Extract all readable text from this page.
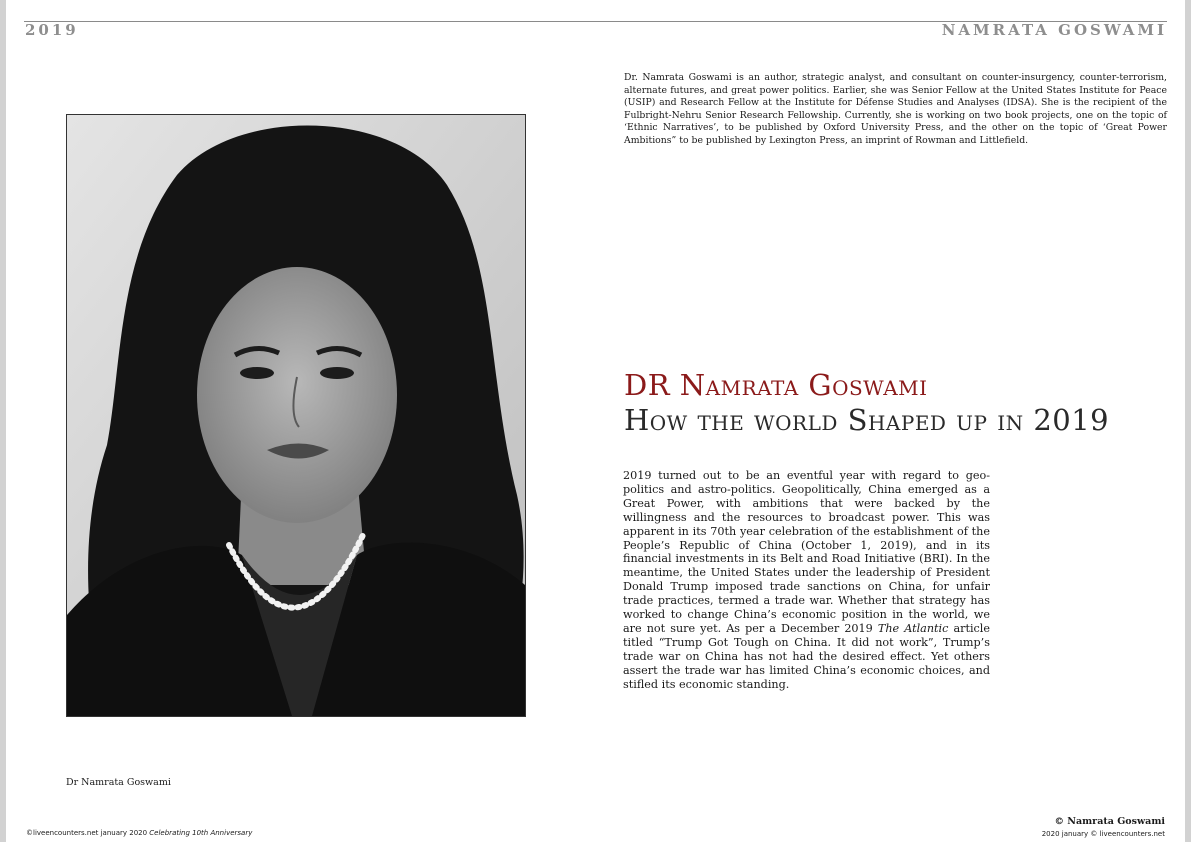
2019	NAMRATA GOSWAMI
Dr. Namrata Goswami is an author, strategic analyst, and consultant on counter-insurgency, counter-terrorism, alternate futures, and great power politics. Earlier, she was Senior Fellow at the United States Institute for Peace (USIP) and Research Fellow at the Institute for Défense Studies and Analyses (IDSA). She is the recipient of the Fulbright-Nehru Senior Research Fellowship. Currently, she is working on two book projects, one on the topic of ‘Ethnic Narratives’, to be published by Oxford University Press, and the other on the topic of ‘Great Power Ambitions” to be published by Lexington Press, an imprint of Rowman and Littlefield.
Dr Namrata Goswami
DR Namrata Goswami
How the world Shaped up in 2019
2019 turned out to be an eventful year with regard to geo-politics and astro-politics. Geopolitically, China emerged as a Great Power, with ambitions that were backed by the willingness and the resources to broadcast power. This was apparent in its 70th year celebration of the establishment of the People’s Republic of China (October 1, 2019), and in its financial investments in its Belt and Road Initiative (BRI). In the meantime, the United States under the leadership of President Donald Trump imposed trade sanctions on China, for unfair trade practices, termed a trade war. Whether that strategy has worked to change China’s economic position in the world, we are not sure yet. As per a December 2019 The Atlantic article titled “Trump Got Tough on China. It did not work”, Trump’s trade war on China has not had the desired effect. Yet others assert the trade war has limited China’s economic choices, and stifled its economic standing.
©liveencounters.net january 2020 Celebrating 10th Anniversary
© Namrata Goswami
2020 january © liveencounters.net
